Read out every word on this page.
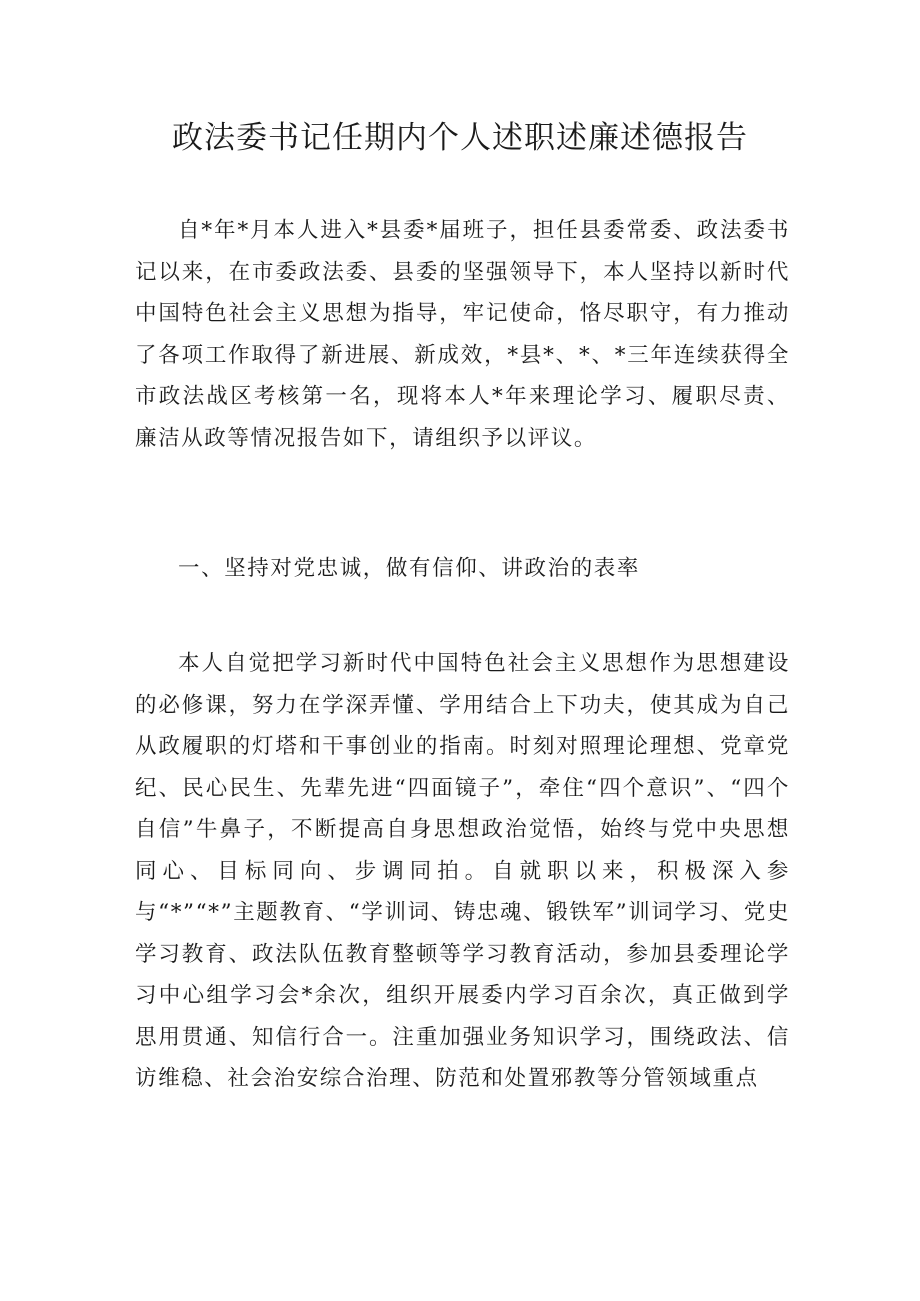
政法委书记任期内个人述职述廉述德报告

自*年*月本人进入*县委*届班子，担任县委常委、政法委书记以来，在市委政法委、县委的坚强领导下，本人坚持以新时代中国特色社会主义思想为指导，牢记使命，恪尽职守，有力推动了各项工作取得了新进展、新成效，*县*、*、*三年连续获得全市政法战区考核第一名，现将本人*年来理论学习、履职尽责、廉洁从政等情况报告如下，请组织予以评议。

一、坚持对党忠诚，做有信仰、讲政治的表率

本人自觉把学习新时代中国特色社会主义思想作为思想建设的必修课，努力在学深弄懂、学用结合上下功夫，使其成为自己从政履职的灯塔和干事创业的指南。时刻对照理论理想、党章党纪、民心民生、先辈先进“四面镜子”，牵住“四个意识”、“四个自信”牛鼻子，不断提高自身思想政治觉悟，始终与党中央思想同心、目标同向、步调同拍。自就职以来，积极深入参与“*”“*”主题教育、“学训词、铸忠魂、锻铁军”训词学习、党史学习教育、政法队伍教育整顿等学习教育活动，参加县委理论学习中心组学习会*余次，组织开展委内学习百余次，真正做到学思用贯通、知信行合一。注重加强业务知识学习，围绕政法、信访维稳、社会治安综合治理、防范和处置邪教等分管领域重点
